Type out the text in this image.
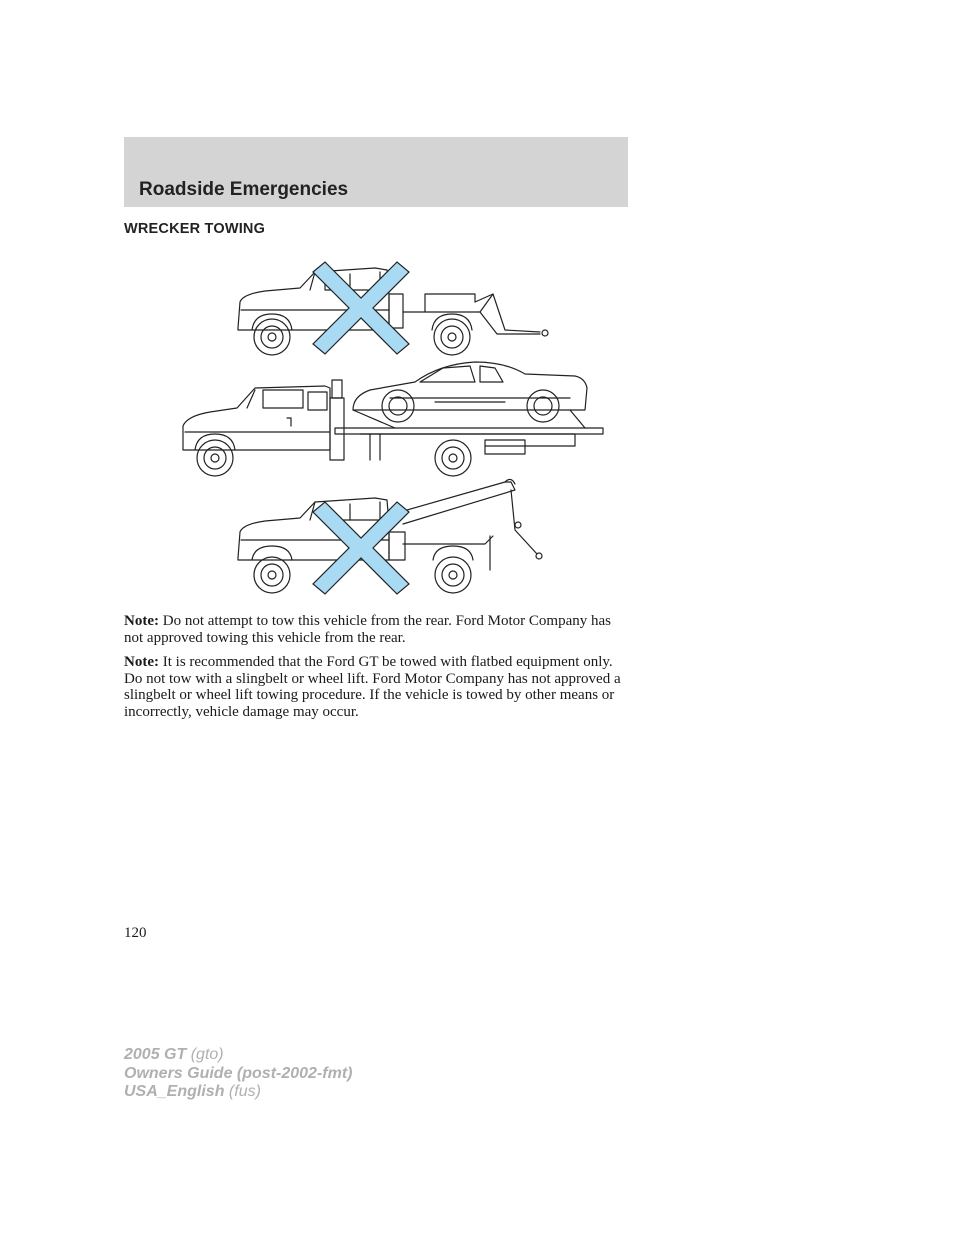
Roadside Emergencies
WRECKER TOWING

Note: Do not attempt to tow this vehicle from the rear. Ford Motor Company has not approved towing this vehicle from the rear.

Note: It is recommended that the Ford GT be towed with flatbed equipment only. Do not tow with a slingbelt or wheel lift. Ford Motor Company has not approved a slingbelt or wheel lift towing procedure. If the vehicle is towed by other means or incorrectly, vehicle damage may occur.

120

2005 GT (gto)
Owners Guide (post-2002-fmt)
USA_English (fus)
